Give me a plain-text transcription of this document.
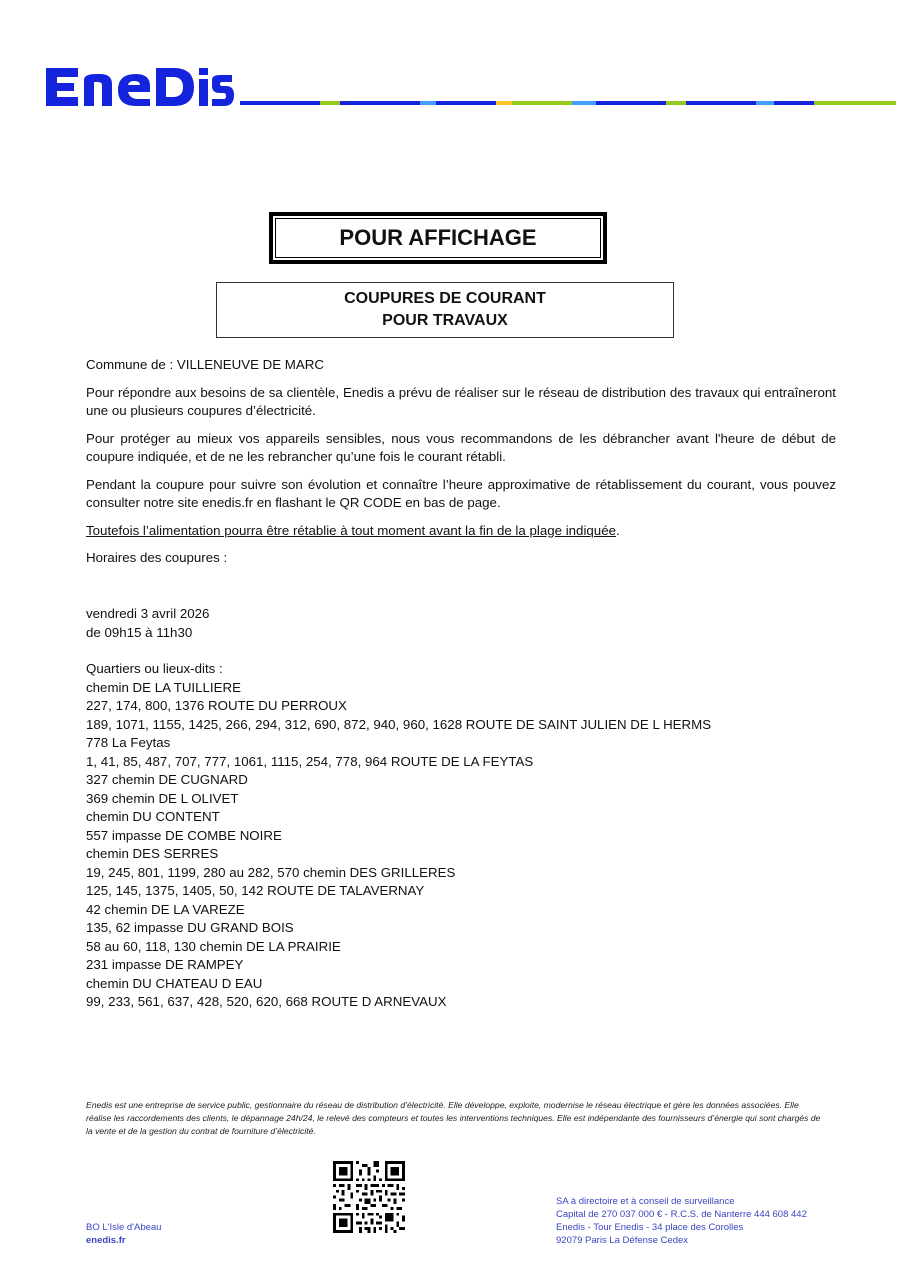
POUR AFFICHAGE
COUPURES DE COURANT
POUR TRAVAUX

Commune de : VILLENEUVE DE MARC

Pour répondre aux besoins de sa clientèle, Enedis a prévu de réaliser sur le réseau de distribution des travaux qui entraîneront une ou plusieurs coupures d’électricité.

Pour protéger au mieux vos appareils sensibles, nous vous recommandons de les débrancher avant l'heure de début de coupure indiquée, et de ne les rebrancher qu’une fois le courant rétabli.

Pendant la coupure pour suivre son évolution et connaître l’heure approximative de rétablissement du courant, vous pouvez consulter notre site enedis.fr en flashant le QR CODE en bas de page.

Toutefois l’alimentation pourra être rétablie à tout moment avant la fin de la plage indiquée.

Horaires des coupures :

vendredi 3 avril 2026
de 09h15 à 11h30
Quartiers ou lieux-dits :
chemin DE LA TUILLIERE
227, 174, 800, 1376 ROUTE DU PERROUX
189, 1071, 1155, 1425, 266, 294, 312, 690, 872, 940, 960, 1628 ROUTE DE SAINT JULIEN DE L HERMS
778 La Feytas
1, 41, 85, 487, 707, 777, 1061, 1115, 254, 778, 964 ROUTE DE LA FEYTAS
327 chemin DE CUGNARD
369 chemin DE L OLIVET
chemin DU CONTENT
557 impasse DE COMBE NOIRE
chemin DES SERRES
19, 245, 801, 1199, 280 au 282, 570 chemin DES GRILLERES
125, 145, 1375, 1405, 50, 142 ROUTE DE TALAVERNAY
42 chemin DE LA VAREZE
135, 62 impasse DU GRAND BOIS
58 au 60, 118, 130 chemin DE LA PRAIRIE
231 impasse DE RAMPEY
chemin DU CHATEAU D EAU
99, 233, 561, 637, 428, 520, 620, 668 ROUTE D ARNEVAUX
Enedis est une entreprise de service public, gestionnaire du réseau de distribution d’électricité. Elle développe, exploite, modernise le réseau électrique et gère les données associées. Elle réalise les raccordements des clients, le dépannage 24h/24, le relevé des compteurs et toutes les interventions techniques. Elle est indépendante des fournisseurs d’énergie qui sont chargés de la vente et de la gestion du contrat de fourniture d’électricité.
BO L'Isle d'Abeau
enedis.fr
SA à directoire et à conseil de surveillance
Capital de 270 037 000 € - R.C.S. de Nanterre 444 608 442
Enedis - Tour Enedis - 34 place des Corolles
92079 Paris La Défense Cedex
